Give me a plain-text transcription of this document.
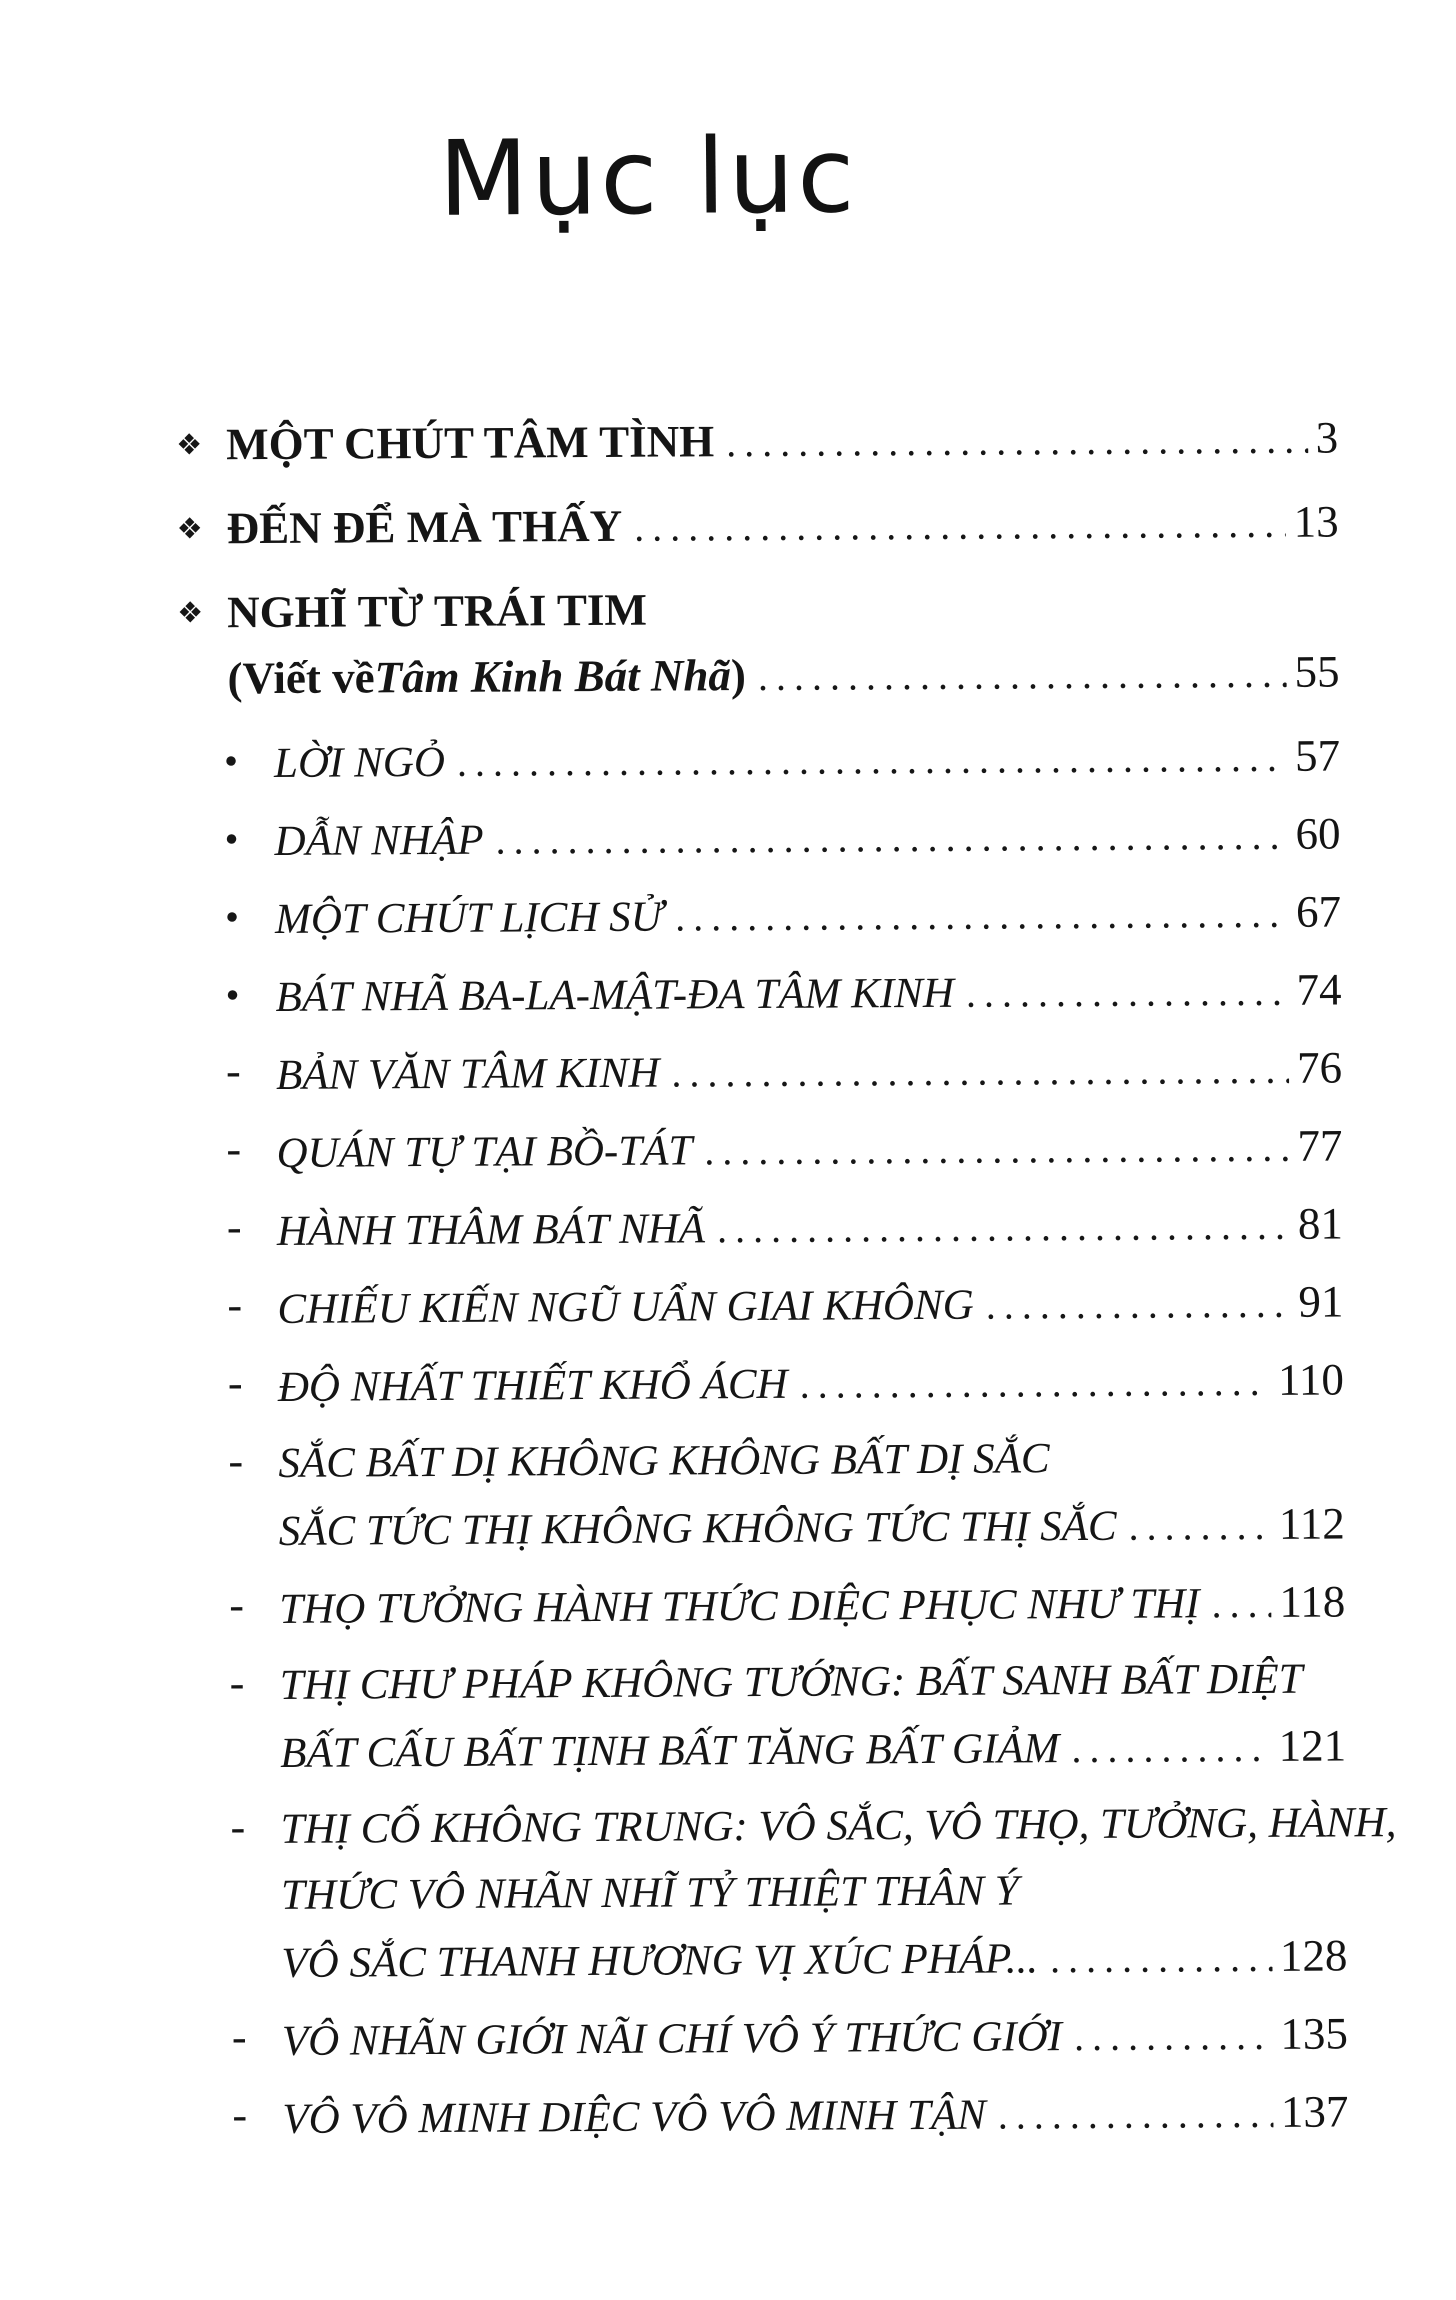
Mục lục
❖ MỘT CHÚT TÂM TÌNH .....	3
❖ ĐẾN ĐỂ MÀ THẤY .....	13
❖ NGHĨ TỪ TRÁI TIM
(Viết về Tâm Kinh Bát Nhã ) .....	55
• LỜI NGỎ .....	57
• DẪN NHẬP .....	60
• MỘT CHÚT LỊCH SỬ .....	67
• BÁT NHÃ BA-LA-MẬT-ĐA TÂM KINH .....	74
- BẢN VĂN TÂM KINH .....	76
- QUÁN TỰ TẠI BỒ-TÁT .....	77
- HÀNH THÂM BÁT NHÃ .....	81
- CHIẾU KIẾN NGŨ UẨN GIAI KHÔNG .....	91
- ĐỘ NHẤT THIẾT KHỔ ÁCH .....	110
- SẮC BẤT DỊ KHÔNG KHÔNG BẤT DỊ SẮC
SẮC TỨC THỊ KHÔNG KHÔNG TỨC THỊ SẮC .....	112
- THỌ TƯỞNG HÀNH THỨC DIỆC PHỤC NHƯ THỊ ..... 118
- THỊ CHƯ PHÁP KHÔNG TƯỚNG: BẤT SANH BẤT DIỆT
BẤT CẤU BẤT TỊNH BẤT TĂNG BẤT GIẢM .....	121
- THỊ CỐ KHÔNG TRUNG: VÔ SẮC, VÔ THỌ, TƯỞNG, HÀNH,
THỨC VÔ NHÃN NHĨ TỶ THIỆT THÂN Ý
VÔ SẮC THANH HƯƠNG VỊ XÚC PHÁP... .....	128
- VÔ NHÃN GIỚI NÃI CHÍ VÔ Ý THỨC GIỚI .....	135
- VÔ VÔ MINH DIỆC VÔ VÔ MINH TẬN .....	137
